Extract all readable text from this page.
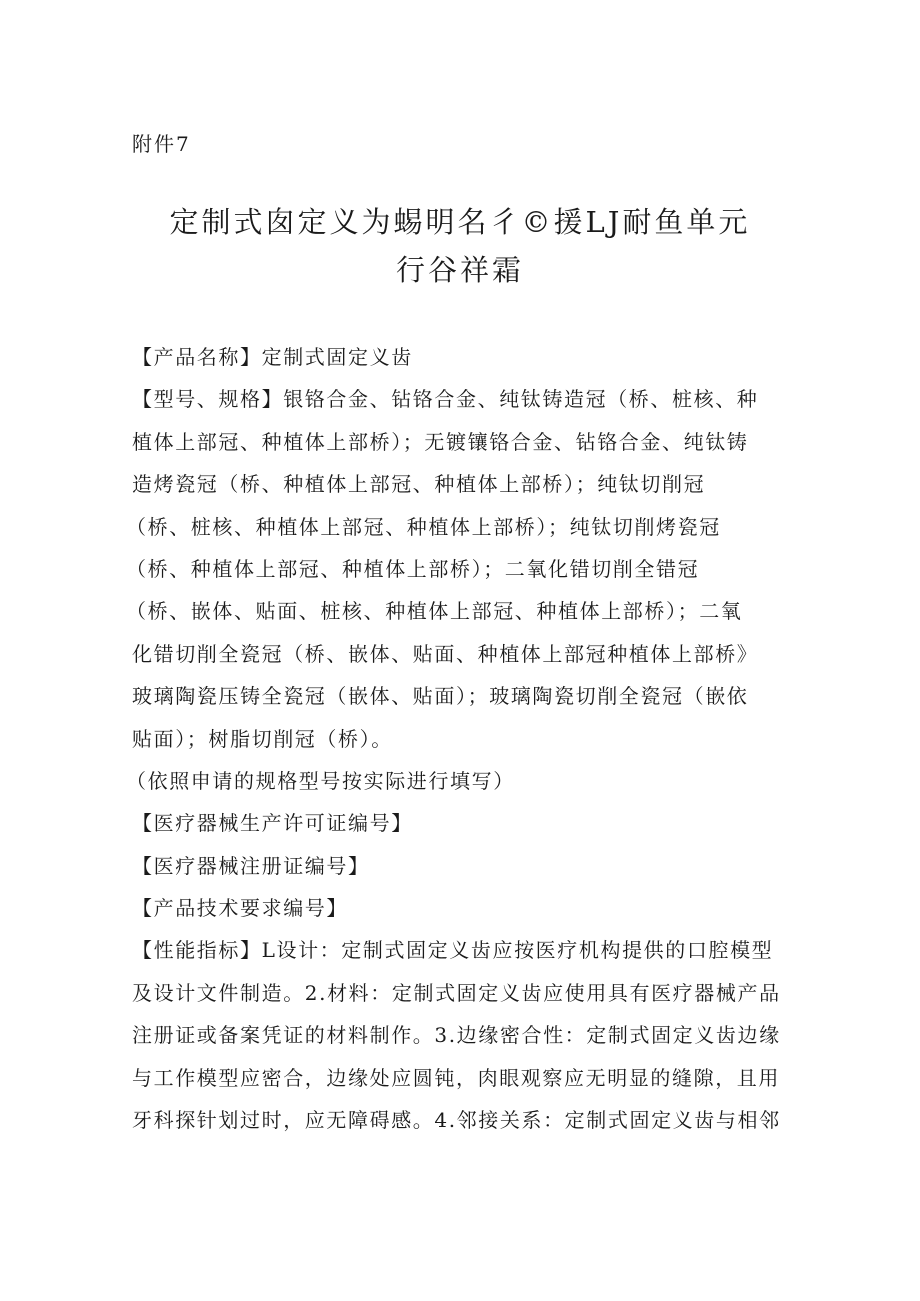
附件7
定制式囱定义为蜴明名彳©援LJ耐鱼单元
行谷祥霜
【产品名称】定制式固定义齿
【型号、规格】银铬合金、钻铬合金、纯钛铸造冠（桥、桩核、种
植体上部冠、种植体上部桥）；无镀镶铬合金、钻铬合金、纯钛铸
造烤瓷冠（桥、种植体上部冠、种植体上部桥）；纯钛切削冠
（桥、桩核、种植体上部冠、种植体上部桥）；纯钛切削烤瓷冠
（桥、种植体上部冠、种植体上部桥）；二氧化错切削全错冠
（桥、嵌体、贴面、桩核、种植体上部冠、种植体上部桥）；二氧
化错切削全瓷冠（桥、嵌体、贴面、种植体上部冠种植体上部桥》
玻璃陶瓷压铸全瓷冠（嵌体、贴面）；玻璃陶瓷切削全瓷冠（嵌依
贴面）；树脂切削冠（桥）。
（依照申请的规格型号按实际进行填写）
【医疗器械生产许可证编号】
【医疗器械注册证编号】
【产品技术要求编号】
【性能指标】L设计：定制式固定义齿应按医疗机构提供的口腔模型
及设计文件制造。2.材料：定制式固定义齿应使用具有医疗器械产品
注册证或备案凭证的材料制作。3.边缘密合性：定制式固定义齿边缘
与工作模型应密合，边缘处应圆钝，肉眼观察应无明显的缝隙，且用
牙科探针划过时，应无障碍感。4.邻接关系：定制式固定义齿与相邻
